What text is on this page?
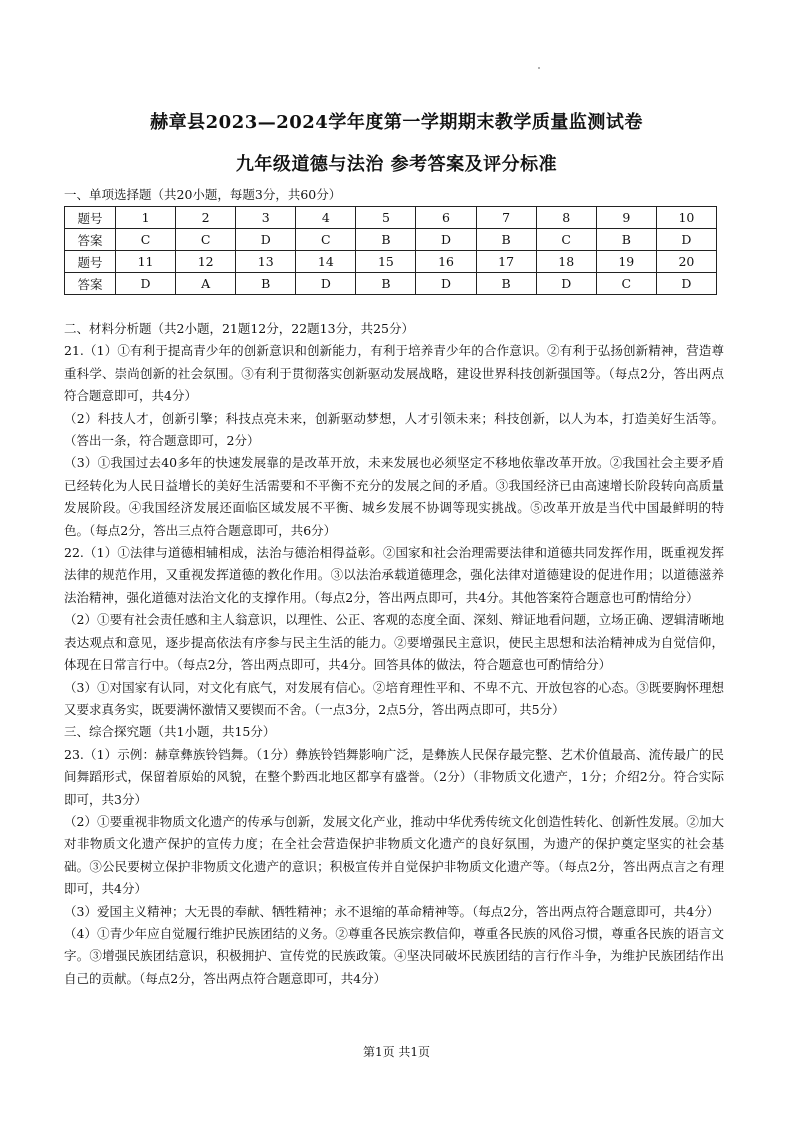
赫章县2023—2024学年度第一学期期末教学质量监测试卷
九年级道德与法治 参考答案及评分标准
一、单项选择题（共20小题，每题3分，共60分）
题号	1	2	3	4	5	6	7	8	9	10
答案	C	C	D	C	B	D	B	C	B	D
题号	11	12	13	14	15	16	17	18	19	20
答案	D	A	B	D	B	D	B	D	C	D

二、材料分析题（共2小题，21题12分，22题13分，共25分）

21.（1）①有利于提高青少年的创新意识和创新能力，有利于培养青少年的合作意识。②有利于弘扬创新精神，营造尊重科学、崇尚创新的社会氛围。③有利于贯彻落实创新驱动发展战略，建设世界科技创新强国等。（每点2分，答出两点符合题意即可，共4分）

（2）科技人才，创新引擎；科技点亮未来，创新驱动梦想，人才引领未来；科技创新，以人为本，打造美好生活等。（答出一条，符合题意即可，2分）

（3）①我国过去40多年的快速发展靠的是改革开放，未来发展也必须坚定不移地依靠改革开放。②我国社会主要矛盾已经转化为人民日益增长的美好生活需要和不平衡不充分的发展之间的矛盾。③我国经济已由高速增长阶段转向高质量发展阶段。④我国经济发展还面临区域发展不平衡、城乡发展不协调等现实挑战。⑤改革开放是当代中国最鲜明的特色。（每点2分，答出三点符合题意即可，共6分）

22.（1）①法律与道德相辅相成，法治与德治相得益彰。②国家和社会治理需要法律和道德共同发挥作用，既重视发挥法律的规范作用，又重视发挥道德的教化作用。③以法治承载道德理念，强化法律对道德建设的促进作用；以道德滋养法治精神，强化道德对法治文化的支撑作用。（每点2分，答出两点即可，共4分。其他答案符合题意也可酌情给分）

（2）①要有社会责任感和主人翁意识，以理性、公正、客观的态度全面、深刻、辩证地看问题，立场正确、逻辑清晰地表达观点和意见，逐步提高依法有序参与民主生活的能力。②要增强民主意识，使民主思想和法治精神成为自觉信仰，体现在日常言行中。（每点2分，答出两点即可，共4分。回答具体的做法，符合题意也可酌情给分）

（3）①对国家有认同，对文化有底气，对发展有信心。②培育理性平和、不卑不亢、开放包容的心态。③既要胸怀理想又要求真务实，既要满怀激情又要锲而不舍。（一点3分，2点5分，答出两点即可，共5分）

三、综合探究题（共1小题，共15分）

23.（1）示例：赫章彝族铃铛舞。（1分）彝族铃铛舞影响广泛，是彝族人民保存最完整、艺术价值最高、流传最广的民间舞蹈形式，保留着原始的风貌，在整个黔西北地区都享有盛誉。（2分）（非物质文化遗产，1分；介绍2分。符合实际即可，共3分）

（2）①要重视非物质文化遗产的传承与创新，发展文化产业，推动中华优秀传统文化创造性转化、创新性发展。②加大对非物质文化遗产保护的宣传力度；在全社会营造保护非物质文化遗产的良好氛围，为遗产的保护奠定坚实的社会基础。③公民要树立保护非物质文化遗产的意识；积极宣传并自觉保护非物质文化遗产等。（每点2分，答出两点言之有理即可，共4分）

（3）爱国主义精神；大无畏的奉献、牺牲精神；永不退缩的革命精神等。（每点2分，答出两点符合题意即可，共4分）

（4）①青少年应自觉履行维护民族团结的义务。②尊重各民族宗教信仰，尊重各民族的风俗习惯，尊重各民族的语言文字。③增强民族团结意识，积极拥护、宣传党的民族政策。④坚决同破坏民族团结的言行作斗争，为维护民族团结作出自己的贡献。（每点2分，答出两点符合题意即可，共4分）

第1页 共1页
